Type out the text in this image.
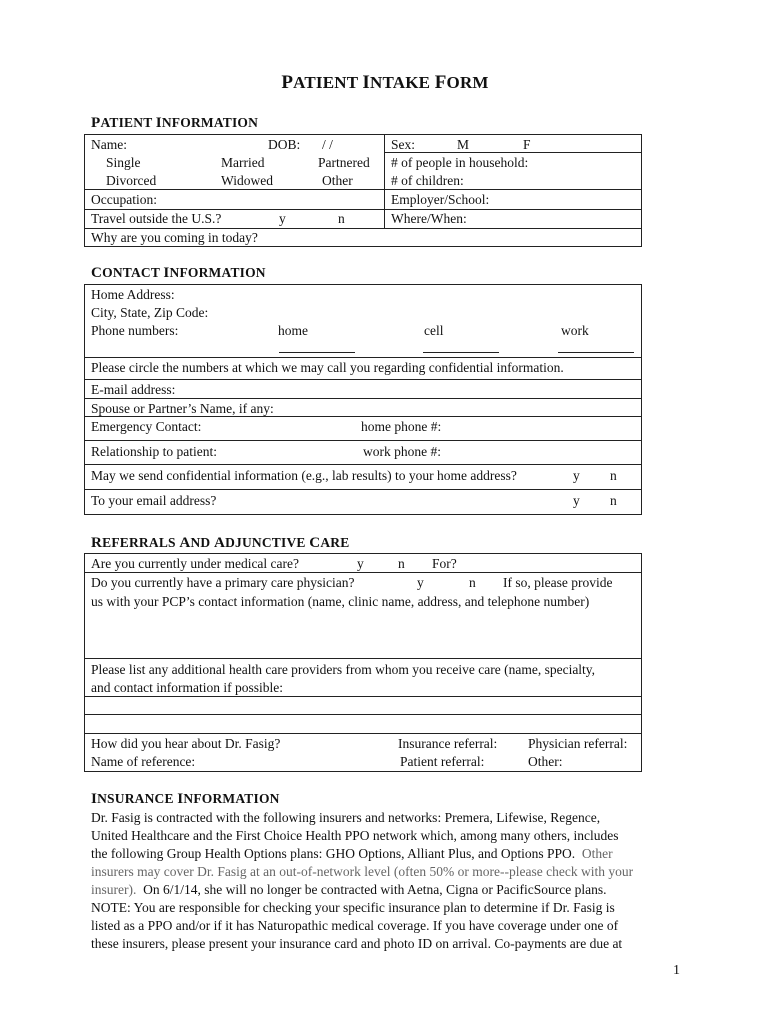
PATIENT INTAKE FORM
PATIENT INFORMATION
Name:	DOB: / /	Sex:	M	F
Single	Married	Partnered # of people in household:
Divorced	Widowed	Other	# of children:
Occupation:	Employer/School:
Travel outside the U.S.?	y	n	Where/When:
Why are you coming in today?
CONTACT INFORMATION
Home Address:
City, State, Zip Code:
Phone numbers:	home	cell	work
Please circle the numbers at which we may call you regarding confidential information.
E-mail address:
Spouse or Partner’s Name, if any:
Emergency Contact:	home phone #:
Relationship to patient:	work phone #:
May we send confidential information (e.g., lab results) to your home address?	y n
To your email address?	y n
REFERRALS AND ADJUNCTIVE CARE
Are you currently under medical care?	y	n For?
Do you currently have a primary care physician?	y	n If so, please provide
us with your PCP’s contact information (name, clinic name, address, and telephone number)
Please list any additional health care providers from whom you receive care (name, specialty,
and contact information if possible:
How did you hear about Dr. Fasig?	Insurance referral: Physician referral:
Name of reference:	Patient referral:	Other:
INSURANCE INFORMATION

Dr. Fasig is contracted with the following insurers and networks: Premera, Lifewise, Regence,

United Healthcare and the First Choice Health PPO network which, among many others, includes

the following Group Health Options plans: GHO Options, Alliant Plus, and Options PPO. Other

insurers may cover Dr. Fasig at an out-of-network level (often 50% or more--please check with your

insurer). On 6/1/14, she will no longer be contracted with Aetna, Cigna or PacificSource plans.

NOTE: You are responsible for checking your specific insurance plan to determine if Dr. Fasig is

listed as a PPO and/or if it has Naturopathic medical coverage. If you have coverage under one of

these insurers, please present your insurance card and photo ID on arrival. Co-payments are due at

1
